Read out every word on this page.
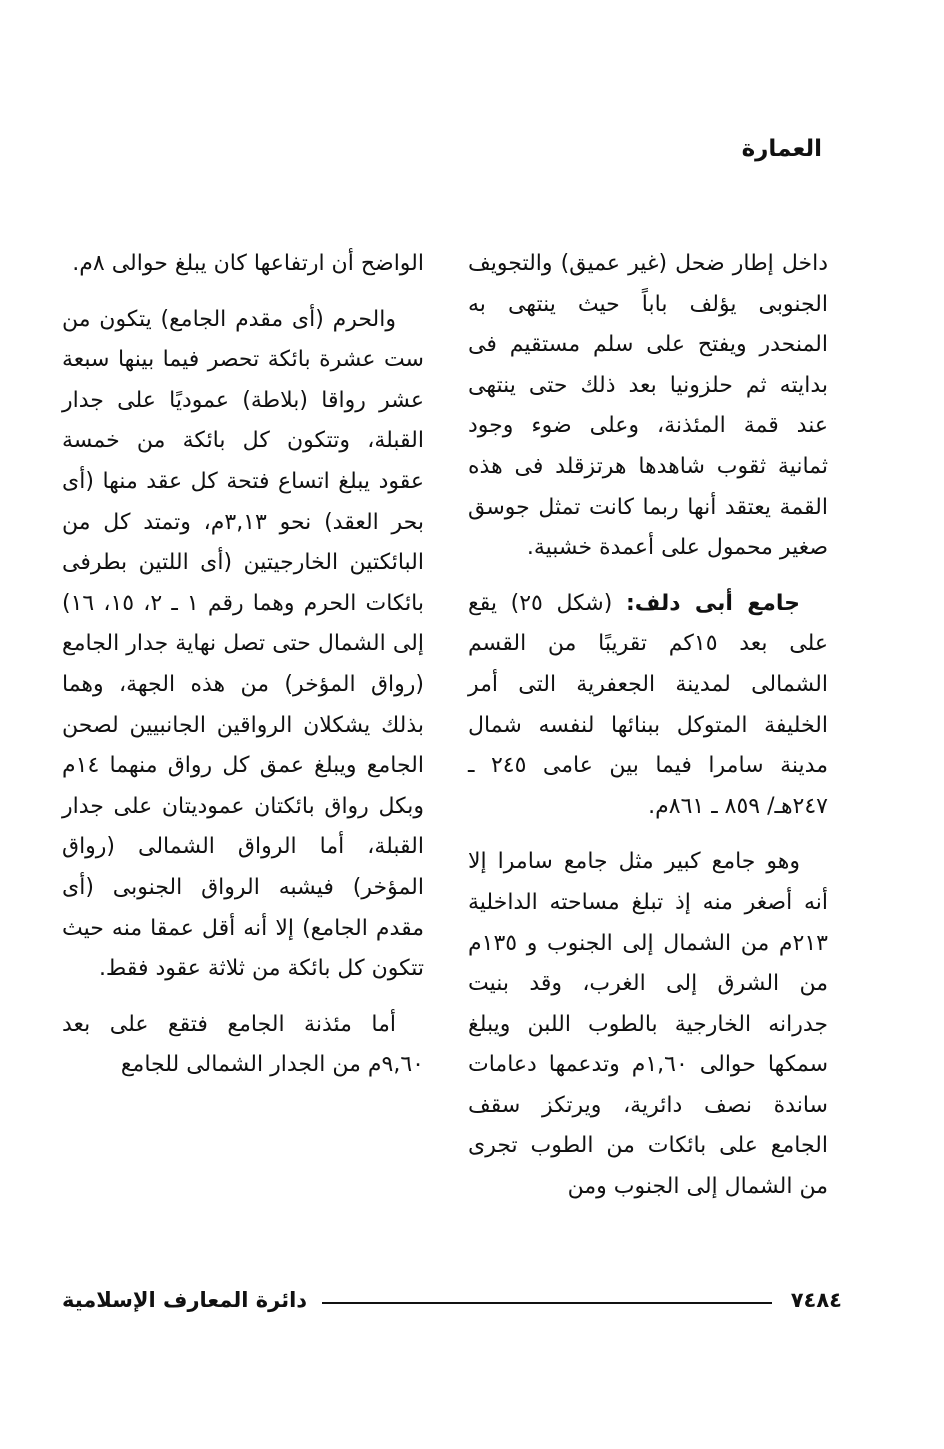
العمارة

داخل إطار ضحل (غير عميق) والتجويف الجنوبى يؤلف باباً حيث ينتهى به المنحدر ويفتح على سلم مستقيم فى بدايته ثم حلزونيا بعد ذلك حتى ينتهى عند قمة المئذنة، وعلى ضوء وجود ثمانية ثقوب شاهدها هرتزقلد فى هذه القمة يعتقد أنها ربما كانت تمثل جوسق صغير محمول على أعمدة خشبية.

جامع أبى دلف: (شكل ٢٥) يقع على بعد ١٥كم تقريبًا من القسم الشمالى لمدينة الجعفرية التى أمر الخليفة المتوكل ببنائها لنفسه شمال مدينة سامرا فيما بين عامى ٢٤٥ ـ ٢٤٧هـ/ ٨٥٩ ـ ٨٦١م.

وهو جامع كبير مثل جامع سامرا إلا أنه أصغر منه إذ تبلغ مساحته الداخلية ٢١٣م من الشمال إلى الجنوب و ١٣٥م من الشرق إلى الغرب، وقد بنيت جدرانه الخارجية بالطوب اللبن ويبلغ سمكها حوالى ١,٦٠م وتدعمها دعامات ساندة نصف دائرية، ويرتكز سقف الجامع على بائكات من الطوب تجرى من الشمال إلى الجنوب ومن

الواضح أن ارتفاعها كان يبلغ حوالى ٨م.

والحرم (أى مقدم الجامع) يتكون من ست عشرة بائكة تحصر فيما بينها سبعة عشر رواقا (بلاطة) عموديًا على جدار القبلة، وتتكون كل بائكة من خمسة عقود يبلغ اتساع فتحة كل عقد منها (أى بحر العقد) نحو ٣,١٣م، وتمتد كل من البائكتين الخارجيتين (أى اللتين بطرفى بائكات الحرم وهما رقم ١ ـ ٢، ١٥، ١٦) إلى الشمال حتى تصل نهاية جدار الجامع (رواق المؤخر) من هذه الجهة، وهما بذلك يشكلان الرواقين الجانبيين لصحن الجامع ويبلغ عمق كل رواق منهما ١٤م وبكل رواق بائكتان عموديتان على جدار القبلة، أما الرواق الشمالى (رواق المؤخر) فيشبه الرواق الجنوبى (أى مقدم الجامع) إلا أنه أقل عمقا منه حيث تتكون كل بائكة من ثلاثة عقود فقط.

أما مئذنة الجامع فتقع على بعد ٩,٦٠م من الجدار الشمالى للجامع

٧٤٨٤
دائرة المعارف الإسلامية
